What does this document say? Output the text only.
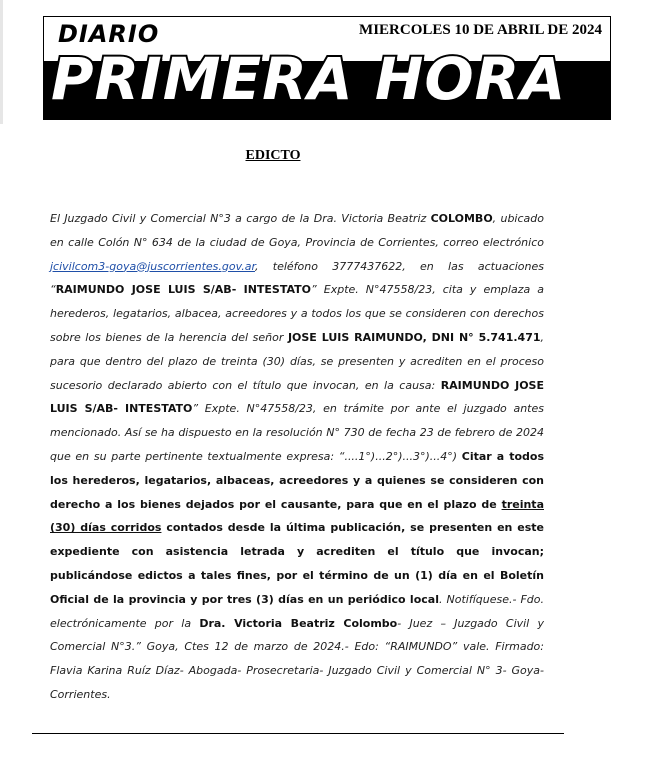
DIARIO	MIERCOLES 10 DE ABRIL DE 2024
EDICTOS
PRIMERA HORA
EDICTO
El Juzgado Civil y Comercial N°3 a cargo de la Dra. Victoria Beatriz COLOMBO, ubicado en calle Colón N° 634 de la ciudad de Goya, Provincia de Corrientes, correo electrónico jcivilcom3-goya@juscorrientes.gov.ar, teléfono 3777437622, en las actuaciones “RAIMUNDO JOSE LUIS S/AB- INTESTATO” Expte. N°47558/23, cita y emplaza a herederos, legatarios, albacea, acreedores y a todos los que se consideren con derechos sobre los bienes de la herencia del señor JOSE LUIS RAIMUNDO, DNI N° 5.741.471, para que dentro del plazo de treinta (30) días, se presenten y acrediten en el proceso sucesorio declarado abierto con el título que invocan, en la causa: RAIMUNDO JOSE LUIS S/AB- INTESTATO” Expte. N°47558/23, en trámite por ante el juzgado antes mencionado. Así se ha dispuesto en la resolución N° 730 de fecha 23 de febrero de 2024 que en su parte pertinente textualmente expresa: “....1°)...2°)...3°)...4°) Citar a todos los herederos, legatarios, albaceas, acreedores y a quienes se consideren con derecho a los bienes dejados por el causante, para que en el plazo de treinta (30) días corridos contados desde la última publicación, se presenten en este expediente con asistencia letrada y acrediten el título que invocan; publicándose edictos a tales fines, por el término de un (1) día en el Boletín Oficial de la provincia y por tres (3) días en un periódico local. Notifíquese.- Fdo. electrónicamente por la Dra. Victoria Beatriz Colombo- Juez – Juzgado Civil y Comercial N°3.” Goya, Ctes 12 de marzo de 2024.- Edo: “RAIMUNDO” vale. Firmado: Flavia Karina Ruíz Díaz- Abogada- Prosecretaria- Juzgado Civil y Comercial N° 3- Goya- Corrientes.
